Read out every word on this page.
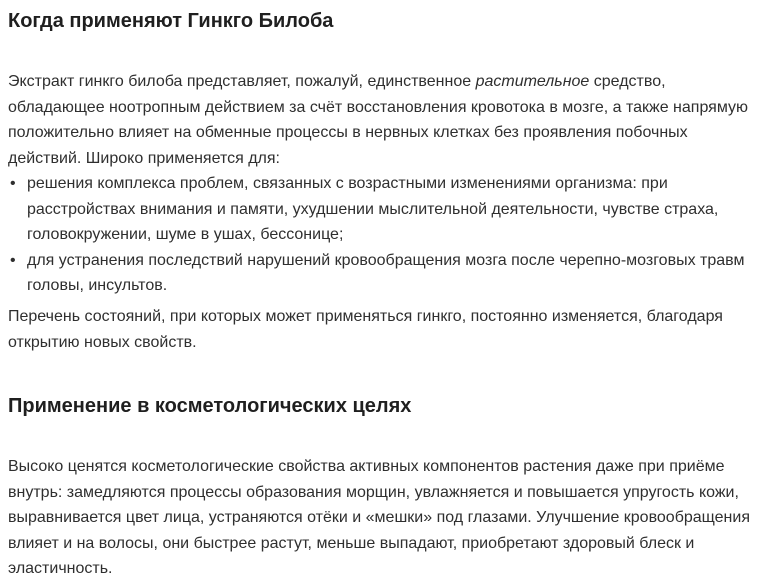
Когда применяют Гинкго Билоба

Экстракт гинкго билоба представляет, пожалуй, единственное растительное средство, обладающее ноотропным действием за счёт восстановления кровотока в мозге, а также напрямую положительно влияет на обменные процессы в нервных клетках без проявления побочных действий. Широко применяется для:

• решения комплекса проблем, связанных с возрастными изменениями организма: при расстройствах внимания и памяти, ухудшении мыслительной деятельности, чувстве страха, головокружении, шуме в ушах, бессонице;
• для устранения последствий нарушений кровообращения мозга после черепно-мозговых травм головы, инсультов.

Перечень состояний, при которых может применяться гинкго, постоянно изменяется, благодаря открытию новых свойств.

Применение в косметологических целях

Высоко ценятся косметологические свойства активных компонентов растения даже при приёме внутрь: замедляются процессы образования морщин, увлажняется и повышается упругость кожи, выравнивается цвет лица, устраняются отёки и «мешки» под глазами. Улучшение кровообращения влияет и на волосы, они быстрее растут, меньше выпадают, приобретают здоровый блеск и эластичность.
